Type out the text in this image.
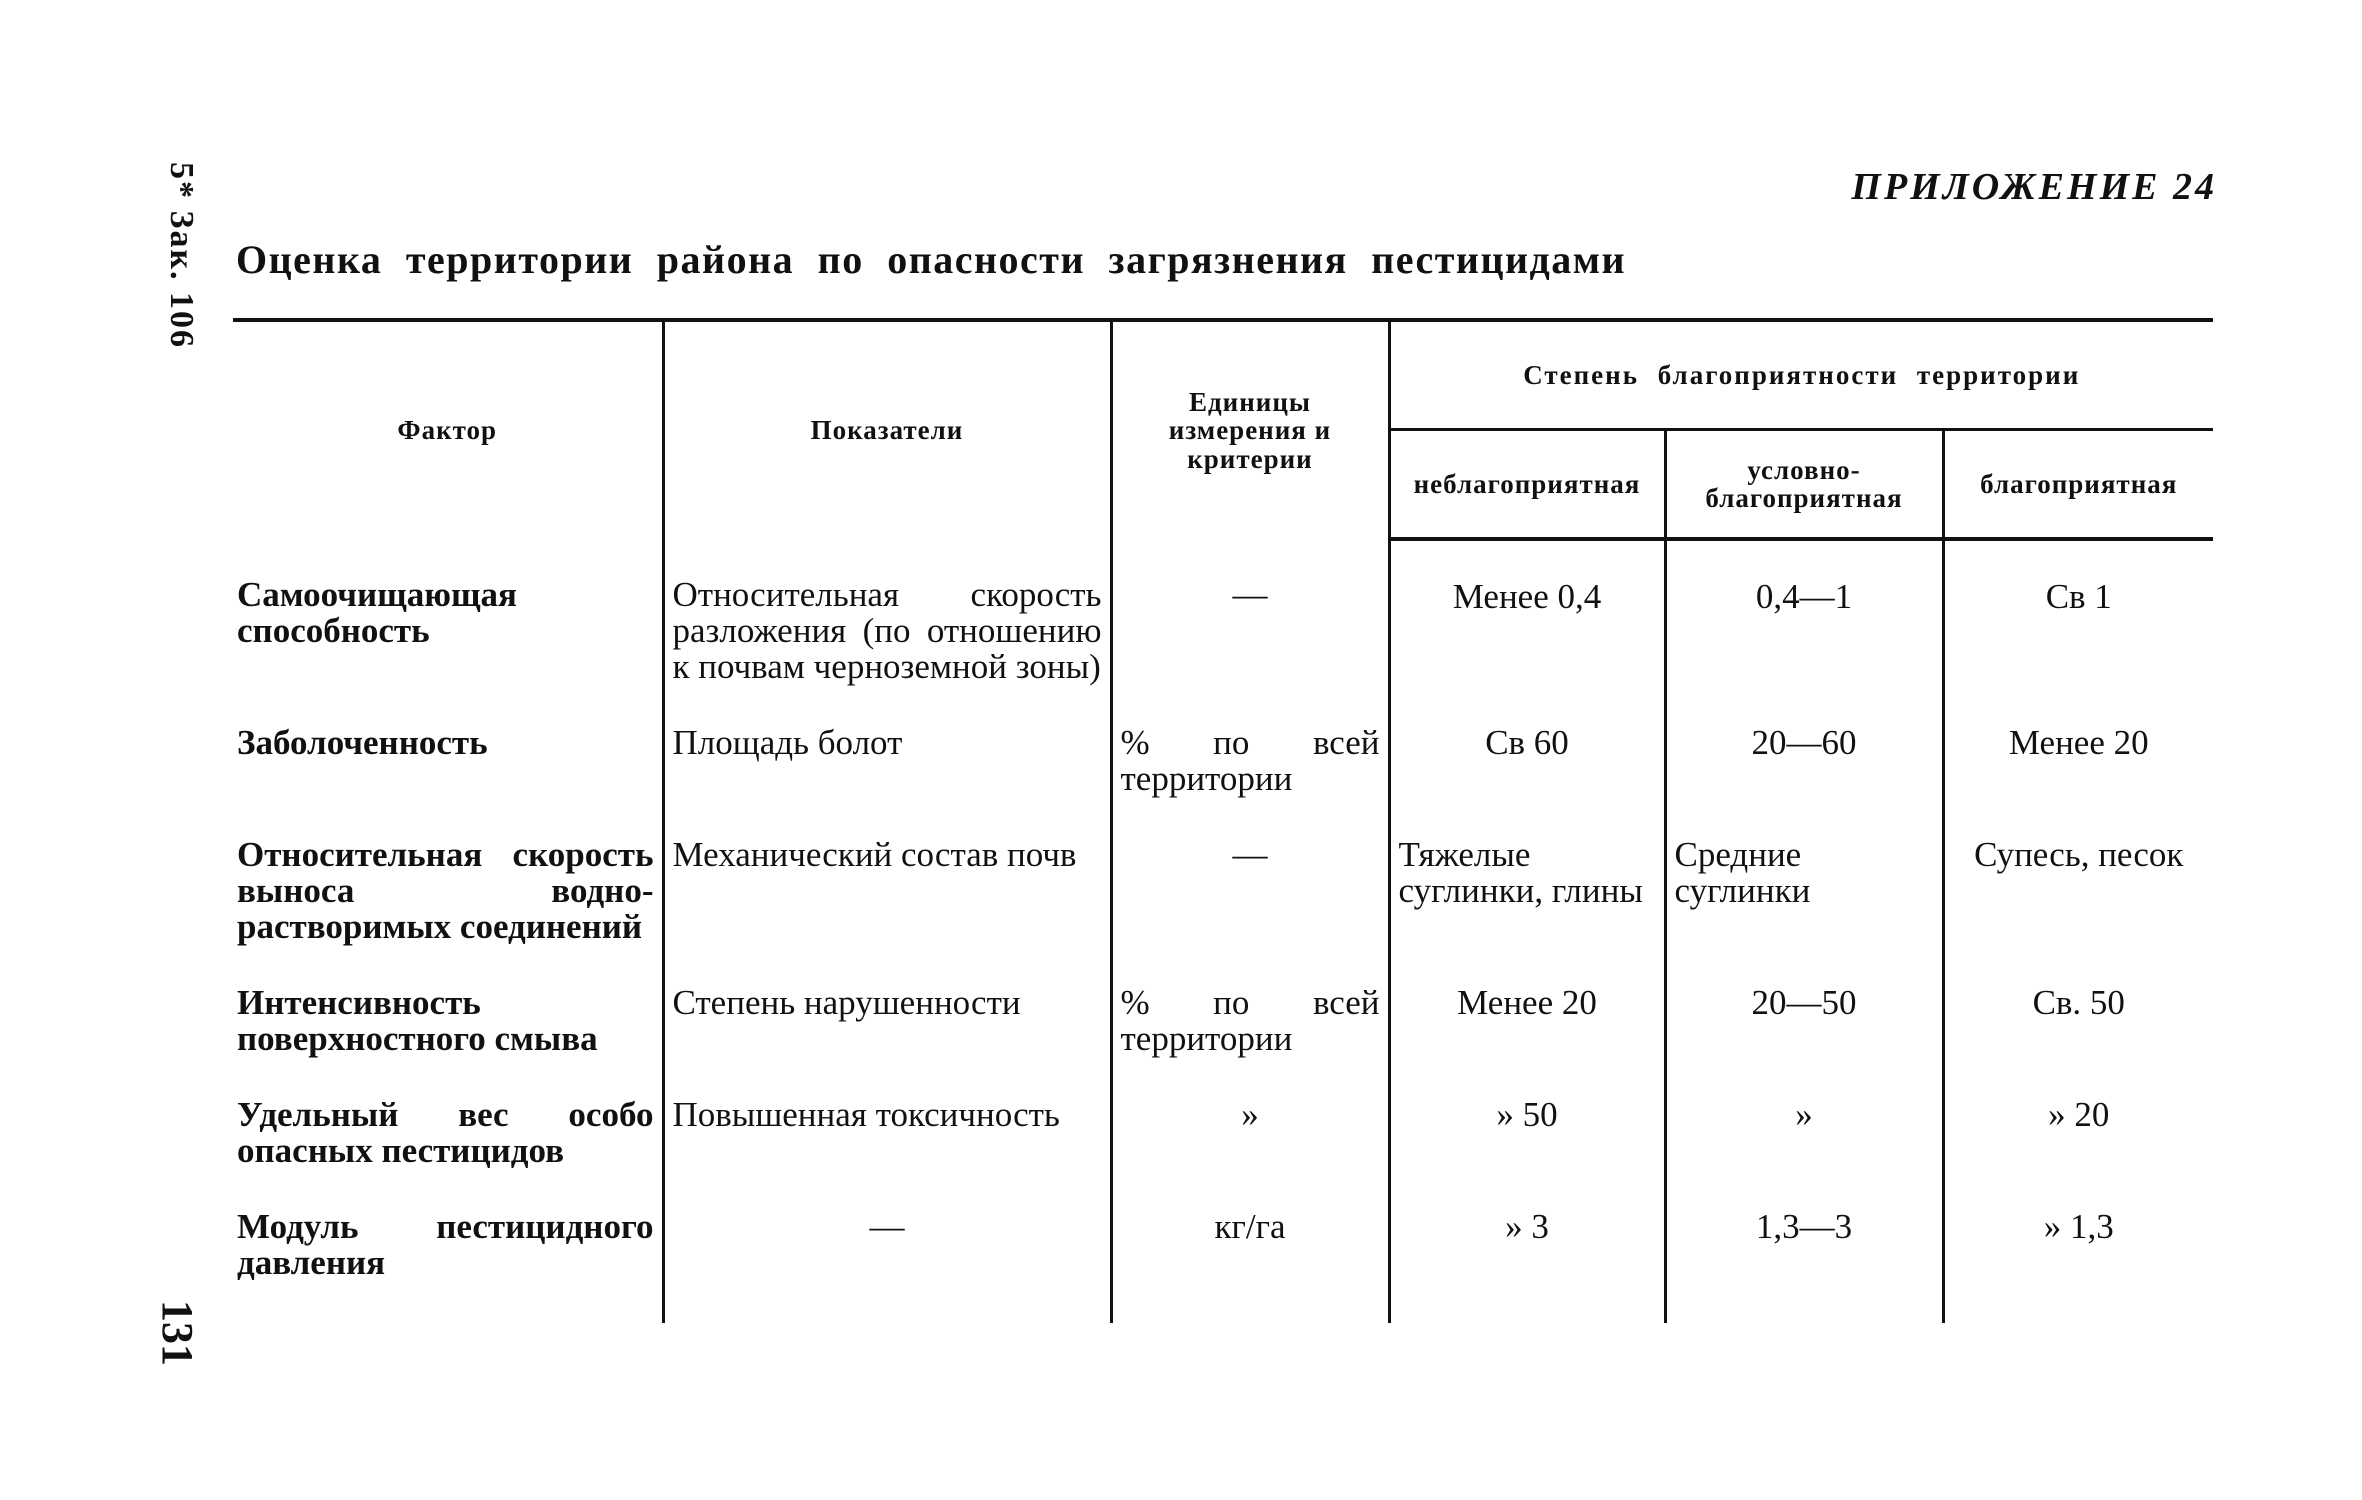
5* Зак. 106
131
ПРИЛОЖЕНИЕ 24
Оценка территории района по опасности загрязнения пестицидами
Фактор	Показатели	Единицы измерения и критерии	Степень благоприятности территории		
			неблагоприятная	условно-благоприятная	благоприятная
Самоочищающая способность	Относительная скорость разложения (по отношению к почвам черноземной зоны)	—	Менее 0,4	0,4—1	Св 1
Заболоченность	Площадь болот	% по всей территории	Св 60	20—60	Менее 20
Относительная скорость выноса водно-растворимых соединений	Механический состав почв	—	Тяжелые суглинки, глины	Средние суглинки	Супесь, песок
Интенсивность поверхностного смыва	Степень нарушенности	% по всей территории	Менее 20	20—50	Св. 50
Удельный вес особо опасных пестицидов	Повышенная токсичность	»	» 50	»	» 20
Модуль пестицидного давления	—	кг/га	» 3	1,3—3	» 1,3
